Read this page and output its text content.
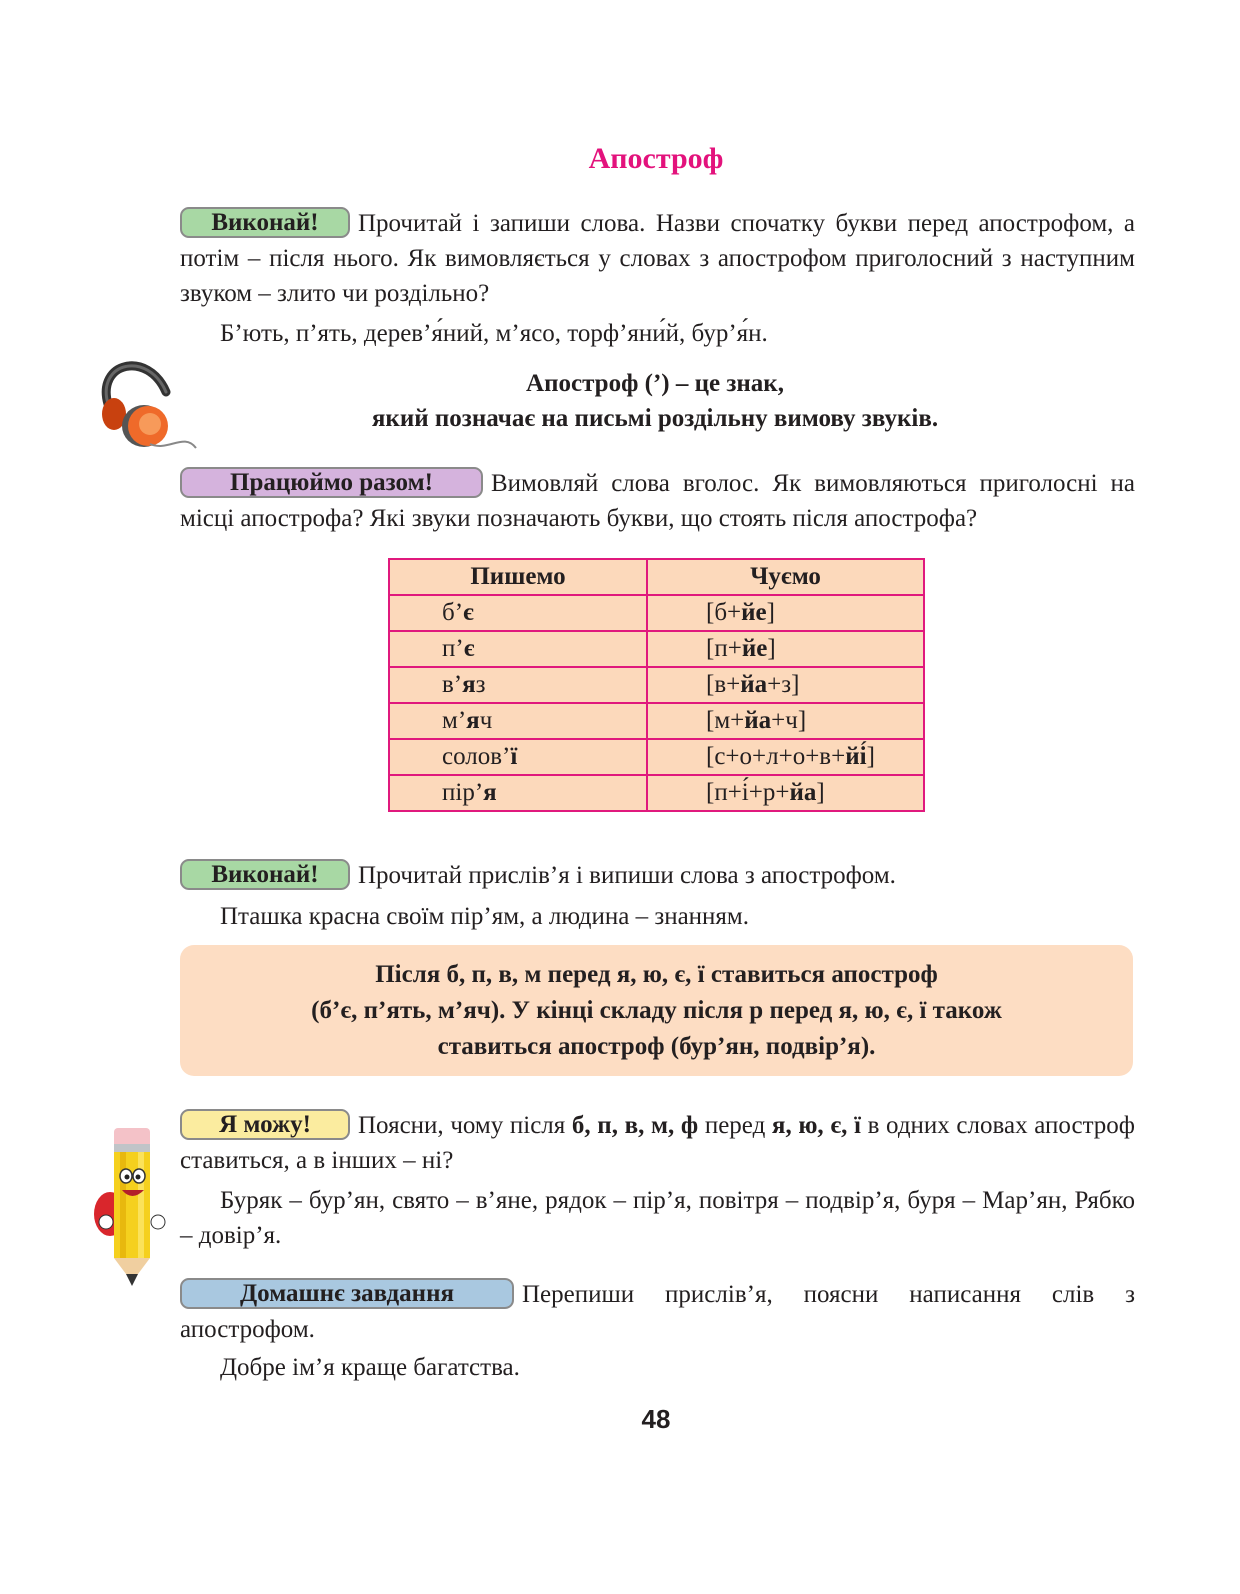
Апостроф

Виконай! Прочитай і запиши слова. Назви спочатку букви перед апострофом, а потім – після нього. Як вимовляється у словах з апострофом приголосний з наступним звуком – злито чи роздільно?

Б’ють, п’ять, дерев’я́ний, м’ясо, торф’яни́й, бур’я́н.

Апостроф (’) – це знак,
який позначає на письмі роздільну вимову звуків.

Працюймо разом! Вимовляй слова вголос. Як вимовляються приголосні на місці апострофа? Які звуки позначають букви, що стоять після апострофа?

Пишемо	Чуємо
б’є	[б+йе]
п’є	[п+йе]
в’яз	[в+йа+з]
м’яч	[м+йа+ч]
солов’ї	[с+о+л+о+в+йі́]
пір’я	[п+і́+р+йа]

Виконай! Прочитай прислів’я і випиши слова з апострофом.

Пташка красна своїм пір’ям, а людина – знанням.

Після б, п, в, м перед я, ю, є, ї ставиться апостроф
(б’є, п’ять, м’яч). У кінці складу після р перед я, ю, є, ї також
ставиться апостроф (бур’ян, подвір’я).

Я можу! Поясни, чому після б, п, в, м, ф перед я, ю, є, ї в одних словах апостроф ставиться, а в інших – ні?

Буряк – бур’ян, свято – в’яне, рядок – пір’я, повітря – подвір’я, буря – Мар’ян, Рябко – довір’я.

Домашнє завдання	Перепиши прислів’я, поясни написання слів з апострофом.

Добре ім’я краще багатства.

48
